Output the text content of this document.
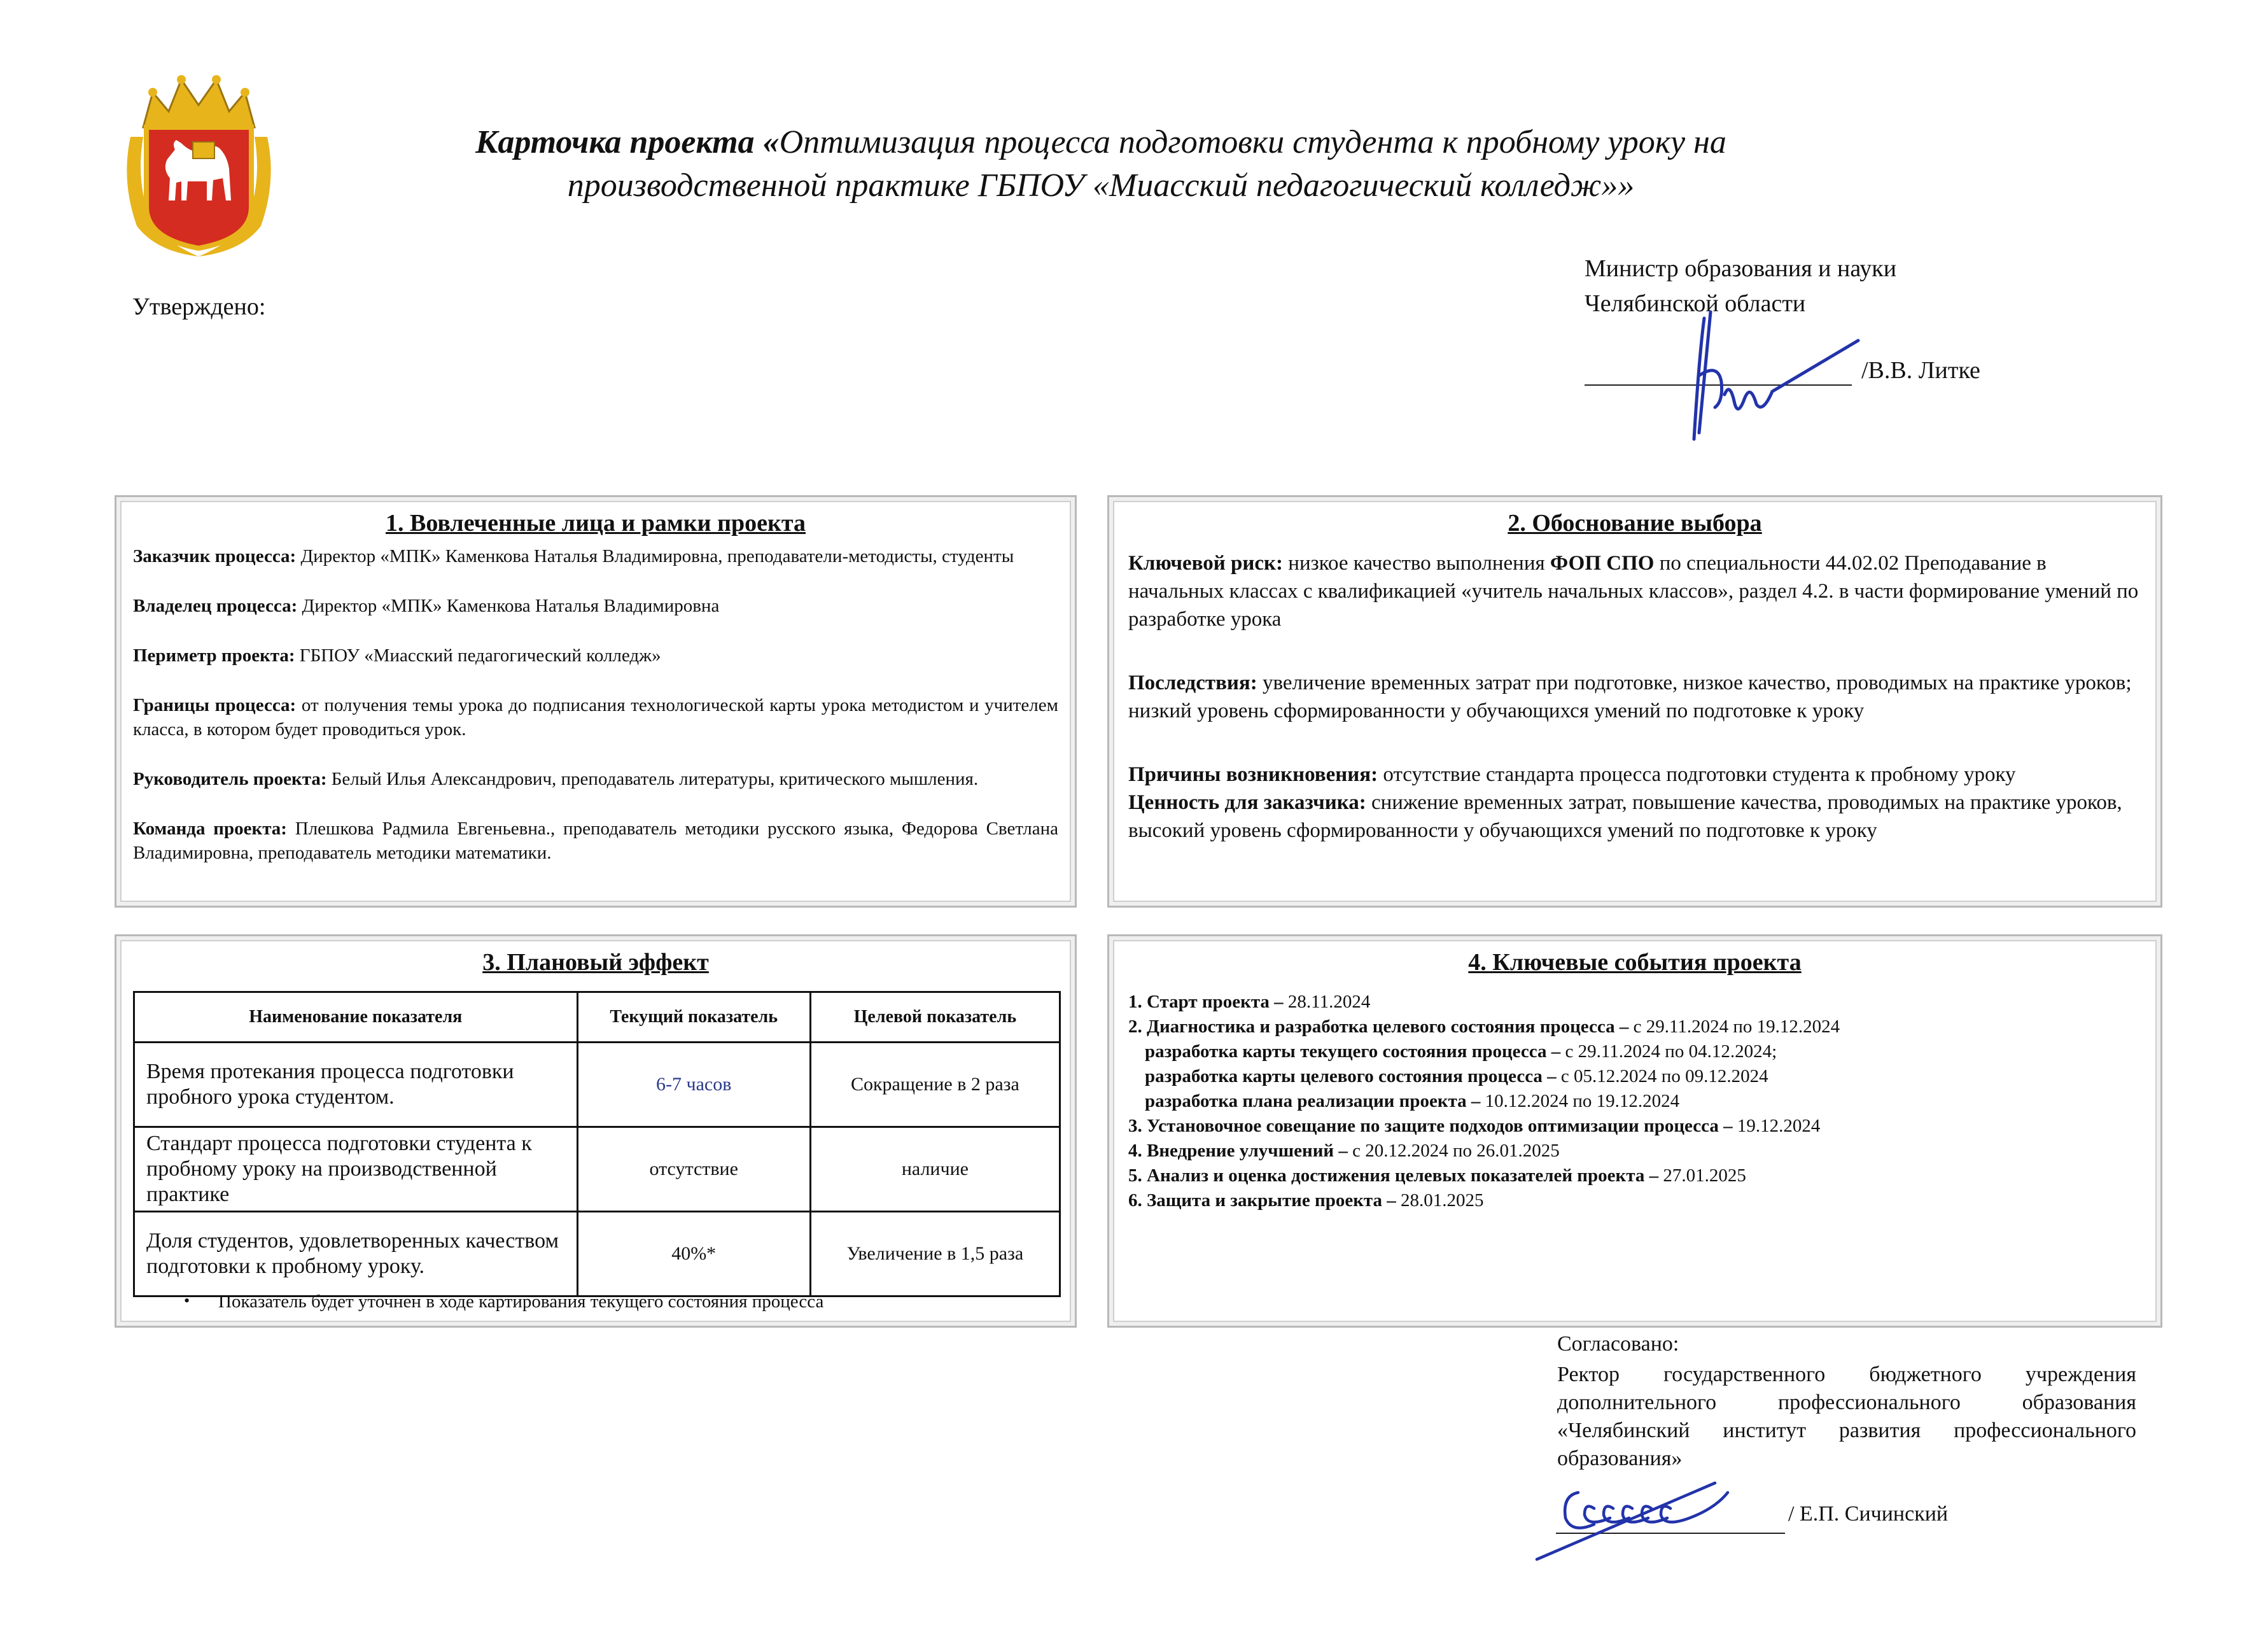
Карточка проекта «Оптимизация процесса подготовки студента к пробному уроку на
производственной практике ГБПОУ «Миасский педагогический колледж»»
Утверждено:
Министр образования и науки
Челябинской области
/В.В. Литке
1. Вовлеченные лица и рамки проекта

Заказчик процесса: Директор «МПК» Каменкова Наталья Владимировна, преподаватели-методисты, студенты

Владелец процесса: Директор «МПК» Каменкова Наталья Владимировна

Периметр проекта: ГБПОУ «Миасский педагогический колледж»

Границы процесса: от получения темы урока до подписания технологической карты урока методистом и учителем класса, в котором будет проводиться урок.

Руководитель проекта: Белый Илья Александрович, преподаватель литературы, критического мышления.

Команда проекта: Плешкова Радмила Евгеньевна., преподаватель методики русского языка, Федорова Светлана Владимировна, преподаватель методики математики.

2. Обоснование выбора

Ключевой риск: низкое качество выполнения ФОП СПО по специальности 44.02.02 Преподавание в начальных классах с квалификацией «учитель начальных классов», раздел 4.2. в части формирование умений по разработке урока

Последствия: увеличение временных затрат при подготовке, низкое качество, проводимых на практике уроков; низкий уровень сформированности у обучающихся умений по подготовке к уроку

Причины возникновения: отсутствие стандарта процесса подготовки студента к пробному уроку

Ценность для заказчика: снижение временных затрат, повышение качества, проводимых на практике уроков, высокий уровень сформированности у обучающихся умений по подготовке к уроку

3. Плановый эффект
Наименование показателя	Текущий показатель	Целевой показатель
Время протекания процесса подготовки пробного урока студентом.	6-7 часов	Сокращение в 2 раза
Стандарт процесса подготовки студента к пробному уроку на производственной практике	отсутствие	наличие
Доля студентов, удовлетворенных качеством подготовки к пробному уроку.	40%*	Увеличение в 1,5 раза
• Показатель будет уточнен в ходе картирования текущего состояния процесса
4. Ключевые события проекта
1. Старт проекта – 28.11.2024
2. Диагностика и разработка целевого состояния процесса – с 29.11.2024 по 19.12.2024
разработка карты текущего состояния процесса – с 29.11.2024 по 04.12.2024;
разработка карты целевого состояния процесса – с 05.12.2024 по 09.12.2024
разработка плана реализации проекта – 10.12.2024 по 19.12.2024
3. Установочное совещание по защите подходов оптимизации процесса – 19.12.2024
4. Внедрение улучшений – с 20.12.2024 по 26.01.2025
5. Анализ и оценка достижения целевых показателей проекта – 27.01.2025
6. Защита и закрытие проекта – 28.01.2025
Согласовано:
Ректор государственного бюджетного учреждения дополнительного профессионального образования «Челябинский институт развития профессионального образования»
/ Е.П. Сичинский
